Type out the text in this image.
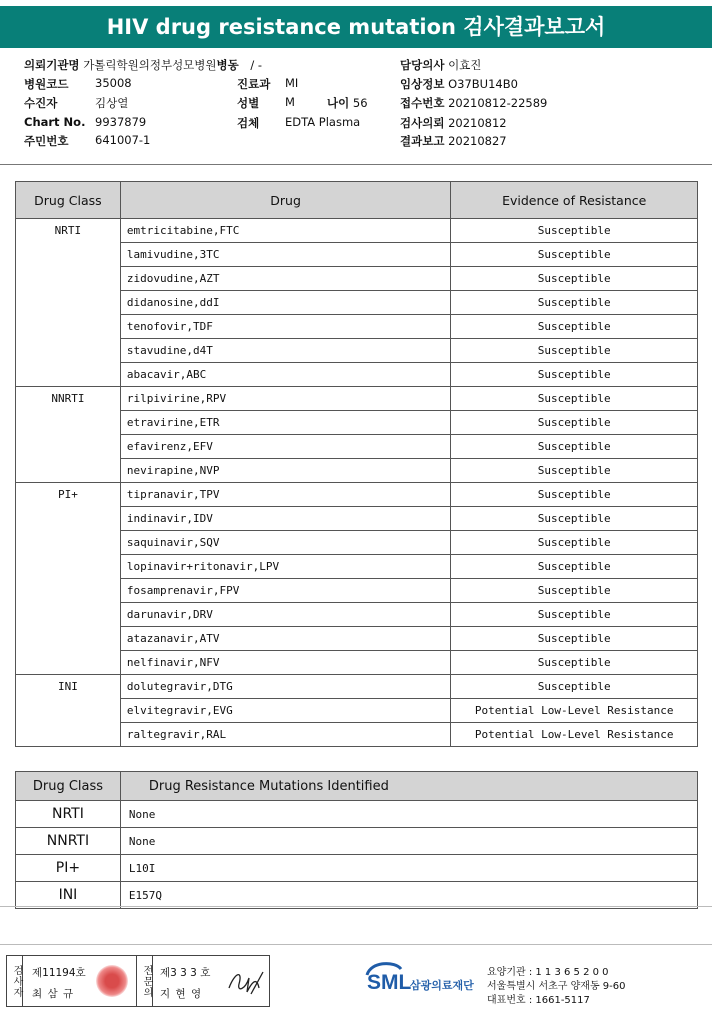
HIV drug resistance mutation 검사결과보고서
의뢰기관명 가톨릭학원의정부성모병원병동 / -	담당의사 이효진
병원코드 35008	진료과 MI	임상정보 O37BU14B0
수진자	김상열	성별 M	나이 56	접수번호 20210812-22589
Chart No. 9937879	검체 EDTA Plasma	검사의뢰 20210812
주민번호 641007-1	결과보고 20210827
Drug Class	Drug	Evidence of Resistance
NRTI	emtricitabine,FTC	Susceptible
	lamivudine,3TC	Susceptible
	zidovudine,AZT	Susceptible
	didanosine,ddI	Susceptible
	tenofovir,TDF	Susceptible
	stavudine,d4T	Susceptible
	abacavir,ABC	Susceptible
NNRTI	rilpivirine,RPV	Susceptible
	etravirine,ETR	Susceptible
	efavirenz,EFV	Susceptible
	nevirapine,NVP	Susceptible
PI+	tipranavir,TPV	Susceptible
	indinavir,IDV	Susceptible
	saquinavir,SQV	Susceptible
	lopinavir+ritonavir,LPV	Susceptible
	fosamprenavir,FPV	Susceptible
	darunavir,DRV	Susceptible
	atazanavir,ATV	Susceptible
	nelfinavir,NFV	Susceptible
INI	dolutegravir,DTG	Susceptible
	elvitegravir,EVG	Potential Low-Level Resistance
	raltegravir,RAL	Potential Low-Level Resistance
Drug Class	Drug Resistance Mutations Identified
NRTI	None
NNRTI	None
PI+	L10I
INI	E157Q
검사자 제11194호
최 삼 규	전문의 제3 3 3 호
지 현 영	SML
삼광의료재단
요양기관 : 1 1 3 6 5 2 0 0
서울특별시 서초구 양재동 9-60
대표번호 : 1661-5117
